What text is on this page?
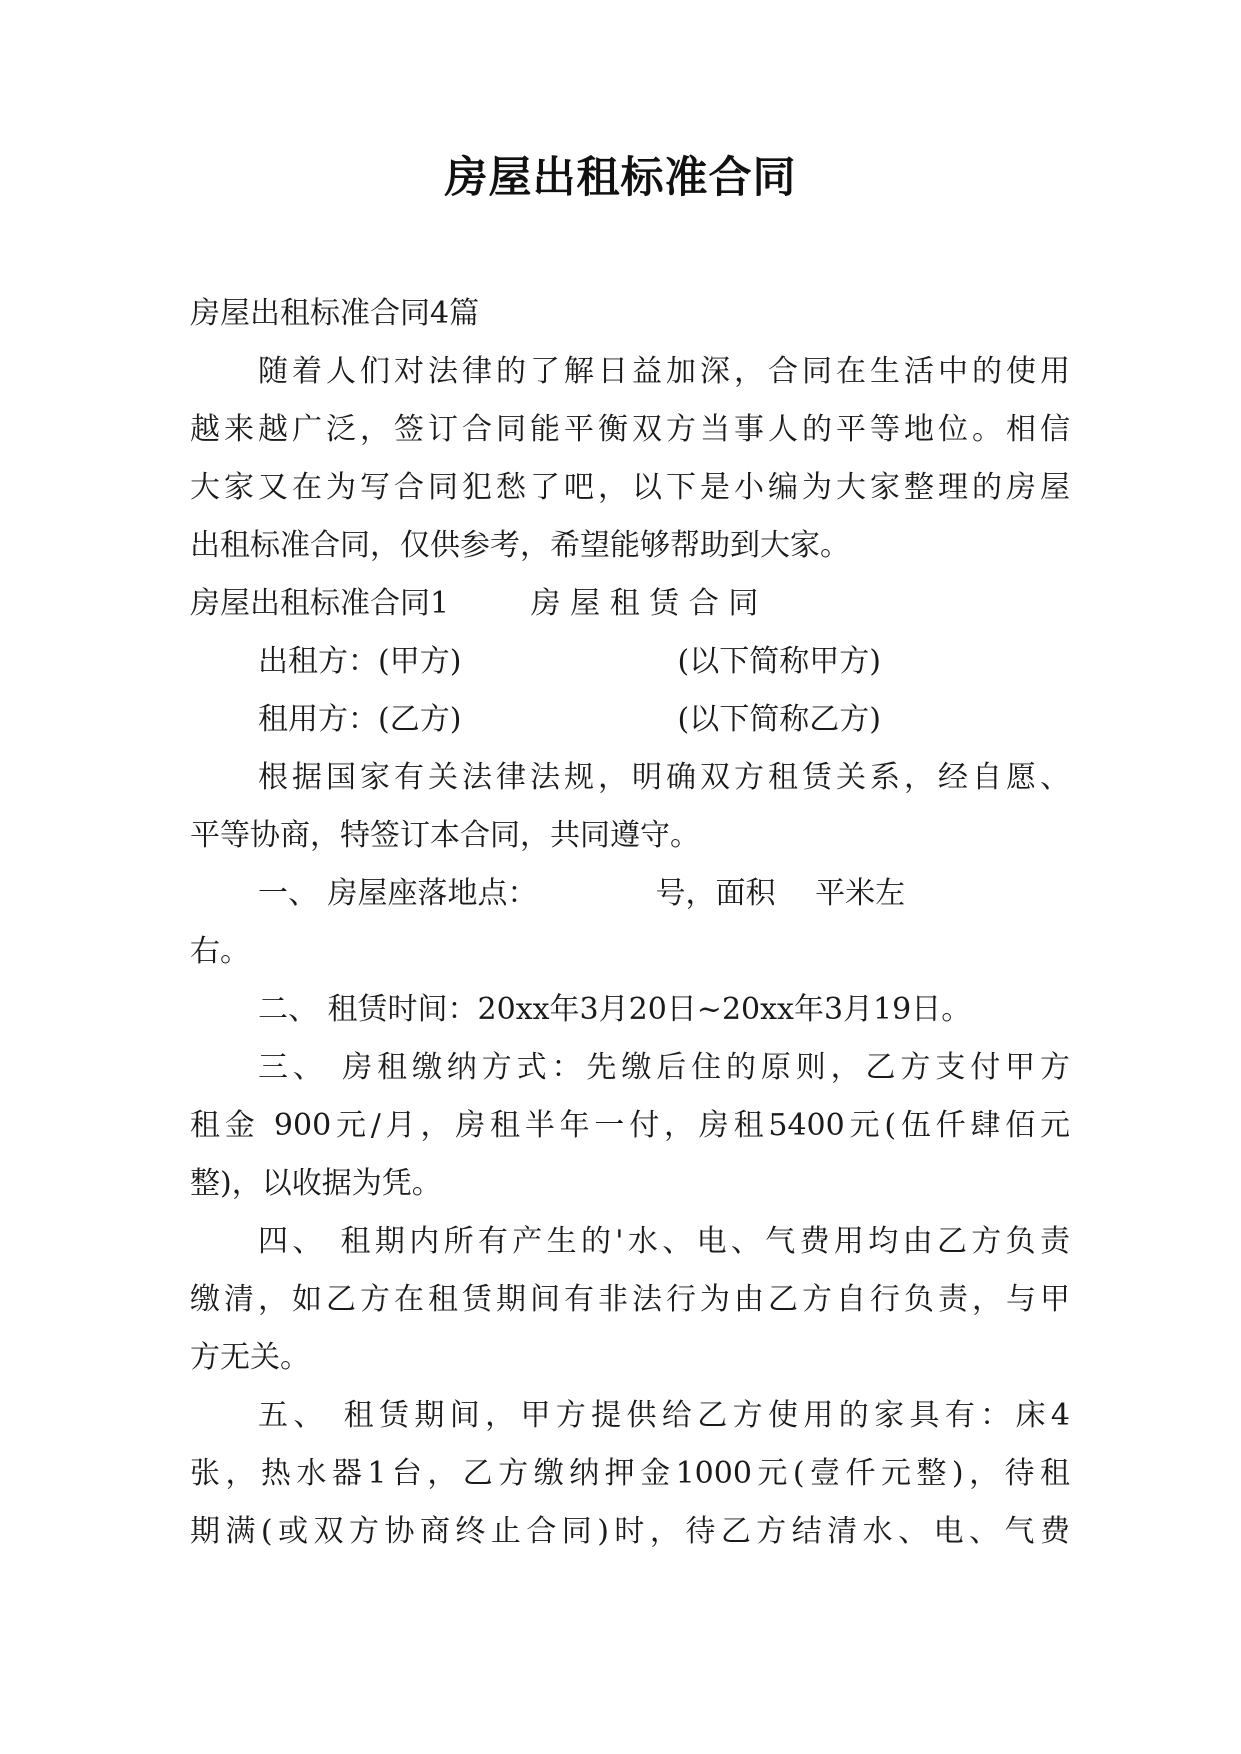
房屋出租标准合同
房屋出租标准合同4篇
随着人们对法律的了解日益加深，合同在生活中的使用
越来越广泛，签订合同能平衡双方当事人的平等地位。相信
大家又在为写合同犯愁了吧，以下是小编为大家整理的房屋
出租标准合同，仅供参考，希望能够帮助到大家。
房屋出租标准合同1	房 屋 租 赁 合 同
出租方：(甲方)	(以下简称甲方)
租用方：(乙方)	(以下简称乙方)
根据国家有关法律法规，明确双方租赁关系，经自愿、
平等协商，特签订本合同，共同遵守。
一、 房屋座落地点：	号，面积 平米左
右。
二、 租赁时间：20xx年3月20日~20xx年3月19日。
三、 房租缴纳方式：先缴后住的原则，乙方支付甲方
租金 900元/月，房租半年一付，房租5400元(伍仟肆佰元
整)，以收据为凭。
四、 租期内所有产生的'水、电、气费用均由乙方负责
缴清，如乙方在租赁期间有非法行为由乙方自行负责，与甲
方无关。
五、 租赁期间，甲方提供给乙方使用的家具有：床4
张，热水器1台，乙方缴纳押金1000元(壹仟元整)，待租
期满(或双方协商终止合同)时，待乙方结清水、电、气费
